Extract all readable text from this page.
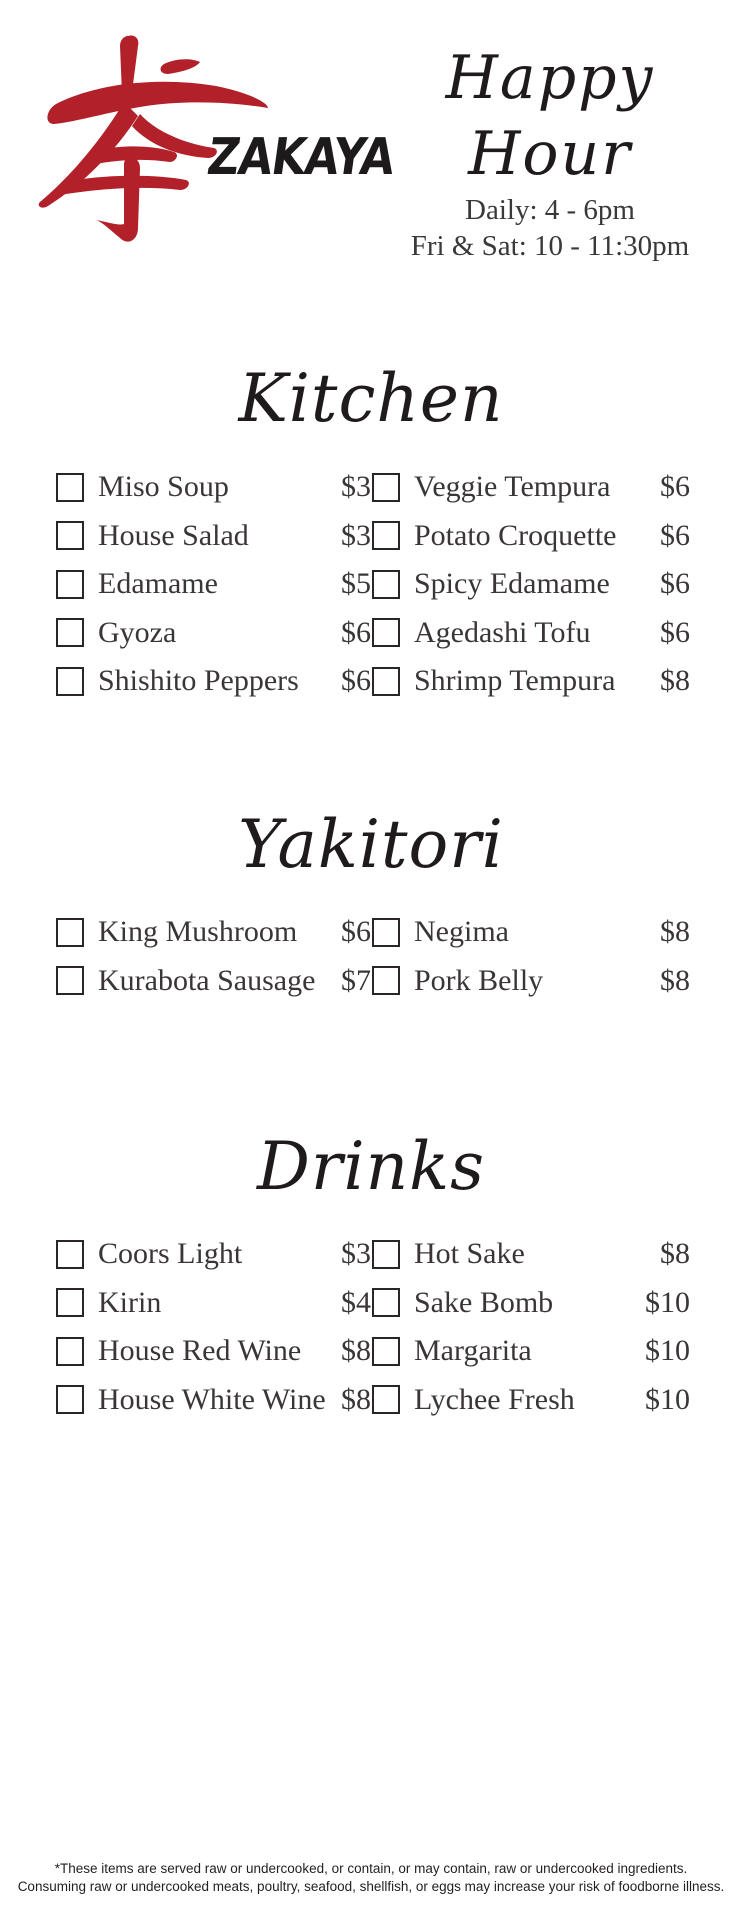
ZAKAYA
Happy Hour
Daily: 4 - 6pm
Fri & Sat: 10 - 11:30pm
Kitchen
Miso Soup	$3 Veggie Tempura $6
House Salad	$3 Potato Croquette $6
Edamame	$5 Spicy Edamame $6
Gyoza	$6 Agedashi Tofu $6
Shishito Peppers $6 Shrimp Tempura $8
Yakitori
King Mushroom $6 Negima	$8
Kurabota Sausage $7 Pork Belly	$8
Drinks
Coors Light	$3 Hot Sake	$8
Kirin	$4 Sake Bomb	$10
House Red Wine $8 Margarita	$10
House White Wine $8 Lychee Fresh $10
*These items are served raw or undercooked, or contain, or may contain, raw or undercooked ingredients.
Consuming raw or undercooked meats, poultry, seafood, shellfish, or eggs may increase your risk of foodborne illness.
